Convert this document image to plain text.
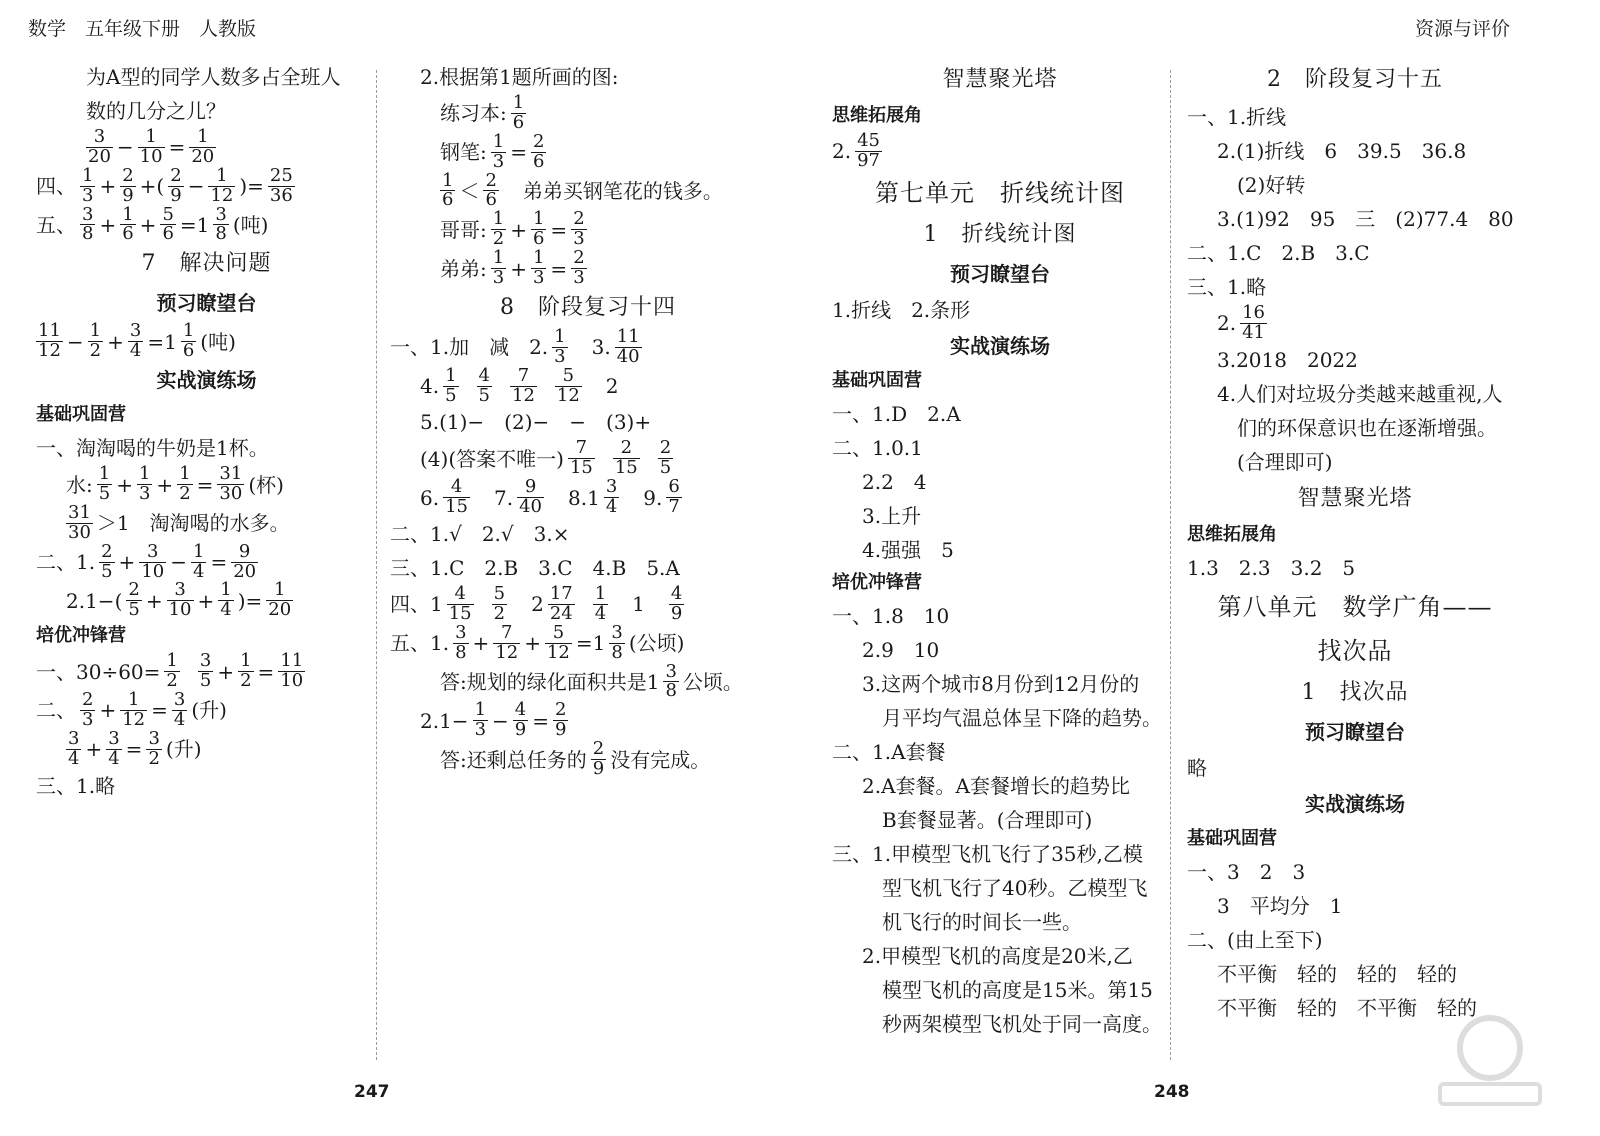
数学　五年级下册　人教版	资源与评价
为A型的同学人数多占全班人
数的几分之儿？
$\frac{3}{20} - \frac{1}{10} = \frac{1}{20}$
四、 $\frac{1}{3} + \frac{2}{9}$ +( $\frac{2}{9} - \frac{1}{12}$ )= $\frac{25}{36}$
五、 $\frac{3}{8} + \frac{1}{6} + \frac{5}{6} =1 \frac{3}{8}$ (吨)
7　解决问题
预习瞭望台
$\frac{11}{12} - \frac{1}{2} + \frac{3}{4} =1 \frac{1}{6}$ (吨)
实战演练场
基础巩固营
一、淘淘喝的牛奶是1杯。
水: $\frac{1}{5} + \frac{1}{3} + \frac{1}{2} = \frac{31}{30}$ (杯)
$\frac{31}{30} >1$　淘淘喝的水多。
二、1. $\frac{2}{5} + \frac{3}{10} - \frac{1}{4} = \frac{9}{20}$
$2.1-( \frac{2}{5} + \frac{3}{10} + \frac{1}{4}$ )= $\frac{1}{20}$
培优冲锋营
一、$30\div 60= \frac{1}{2} \frac{3}{5} + \frac{1}{2} = \frac{11}{10}$
二、 $\frac{2}{3} + \frac{1}{12} = \frac{3}{4}$ (升)
$\frac{3}{4} + \frac{3}{4} = \frac{3}{2}$ (升)
三、1.略
2.根据第1题所画的图:
练习本: $\frac{1}{6}$
钢笔: $\frac{1}{3} = \frac{2}{6}$
$\frac{1}{6} < \frac{2}{6}$ 　弟弟买钢笔花的钱多。
哥哥: $\frac{1}{2} + \frac{1}{6} = \frac{2}{3}$
弟弟: $\frac{1}{3} + \frac{1}{3} = \frac{2}{3}$
8　阶段复习十四
一、1.加　减　2. $\frac{1}{3}$ 　3. $\frac{11}{40}$
4. $\frac{1}{5} \frac{4}{5} \frac{7}{12} \frac{5}{12}$ 　2
5.(1)−　(2)−　−　(3)+
(4)(答案不唯一) $\frac{7}{15} \frac{2}{15} \frac{2}{5}$
6. $\frac{4}{15}$ 　7. $\frac{9}{40}$ 　$8.1 \frac{3}{4}$ 　9. $\frac{6}{7}$
二、1.√　2.√　3.×
三、1.C　2.B　3.C　4.B　5.A
四、$1 \frac{4}{15} \frac{5}{2}$ 　$2 \frac{17}{24} \frac{1}{4}$ 　1　 $\frac{4}{9}$
五、1. $\frac{3}{8} + \frac{7}{12} + \frac{5}{12} =1 \frac{3}{8}$ (公顷)
答:规划的绿化面积共是$1 \frac{3}{8}$ 公顷。
$2.1- \frac{1}{3} - \frac{4}{9} = \frac{2}{9}$
答:还剩总任务的 $\frac{2}{9}$ 没有完成。
智慧聚光塔
思维拓展角
2. $\frac{45}{97}$
第七单元　折线统计图
1　折线统计图
预习瞭望台
1.折线　2.条形
实战演练场
基础巩固营
一、1.D　2.A
二、1.0.1
2.2　4
3.上升
4.强强　5
培优冲锋营
一、1.8　10
2.9　10
3.这两个城市8月份到12月份的
月平均气温总体呈下降的趋势。
二、1.A套餐
2.A套餐。A套餐增长的趋势比
B套餐显著。(合理即可)
三、1.甲模型飞机飞行了35秒,乙模
型飞机飞行了40秒。乙模型飞
机飞行的时间长一些。
2.甲模型飞机的高度是20米,乙
模型飞机的高度是15米。第15
秒两架模型飞机处于同一高度。
2　阶段复习十五
一、1.折线
2.(1)折线　6　39.5　36.8
(2)好转
3.(1)92　95　三　(2)77.4　80
二、1.C　2.B　3.C
三、1.略
2. $\frac{16}{41}$
3.2018　2022
4.人们对垃圾分类越来越重视,人
们的环保意识也在逐渐增强。
(合理即可)
智慧聚光塔
思维拓展角
1.3　2.3　3.2　5
第八单元　数学广角——
找次品
1　找次品
预习瞭望台
略
实战演练场
基础巩固营
一、3　2　3
3　平均分　1
二、(由上至下)
不平衡　轻的　轻的　轻的
不平衡　轻的　不平衡　轻的
247	248
